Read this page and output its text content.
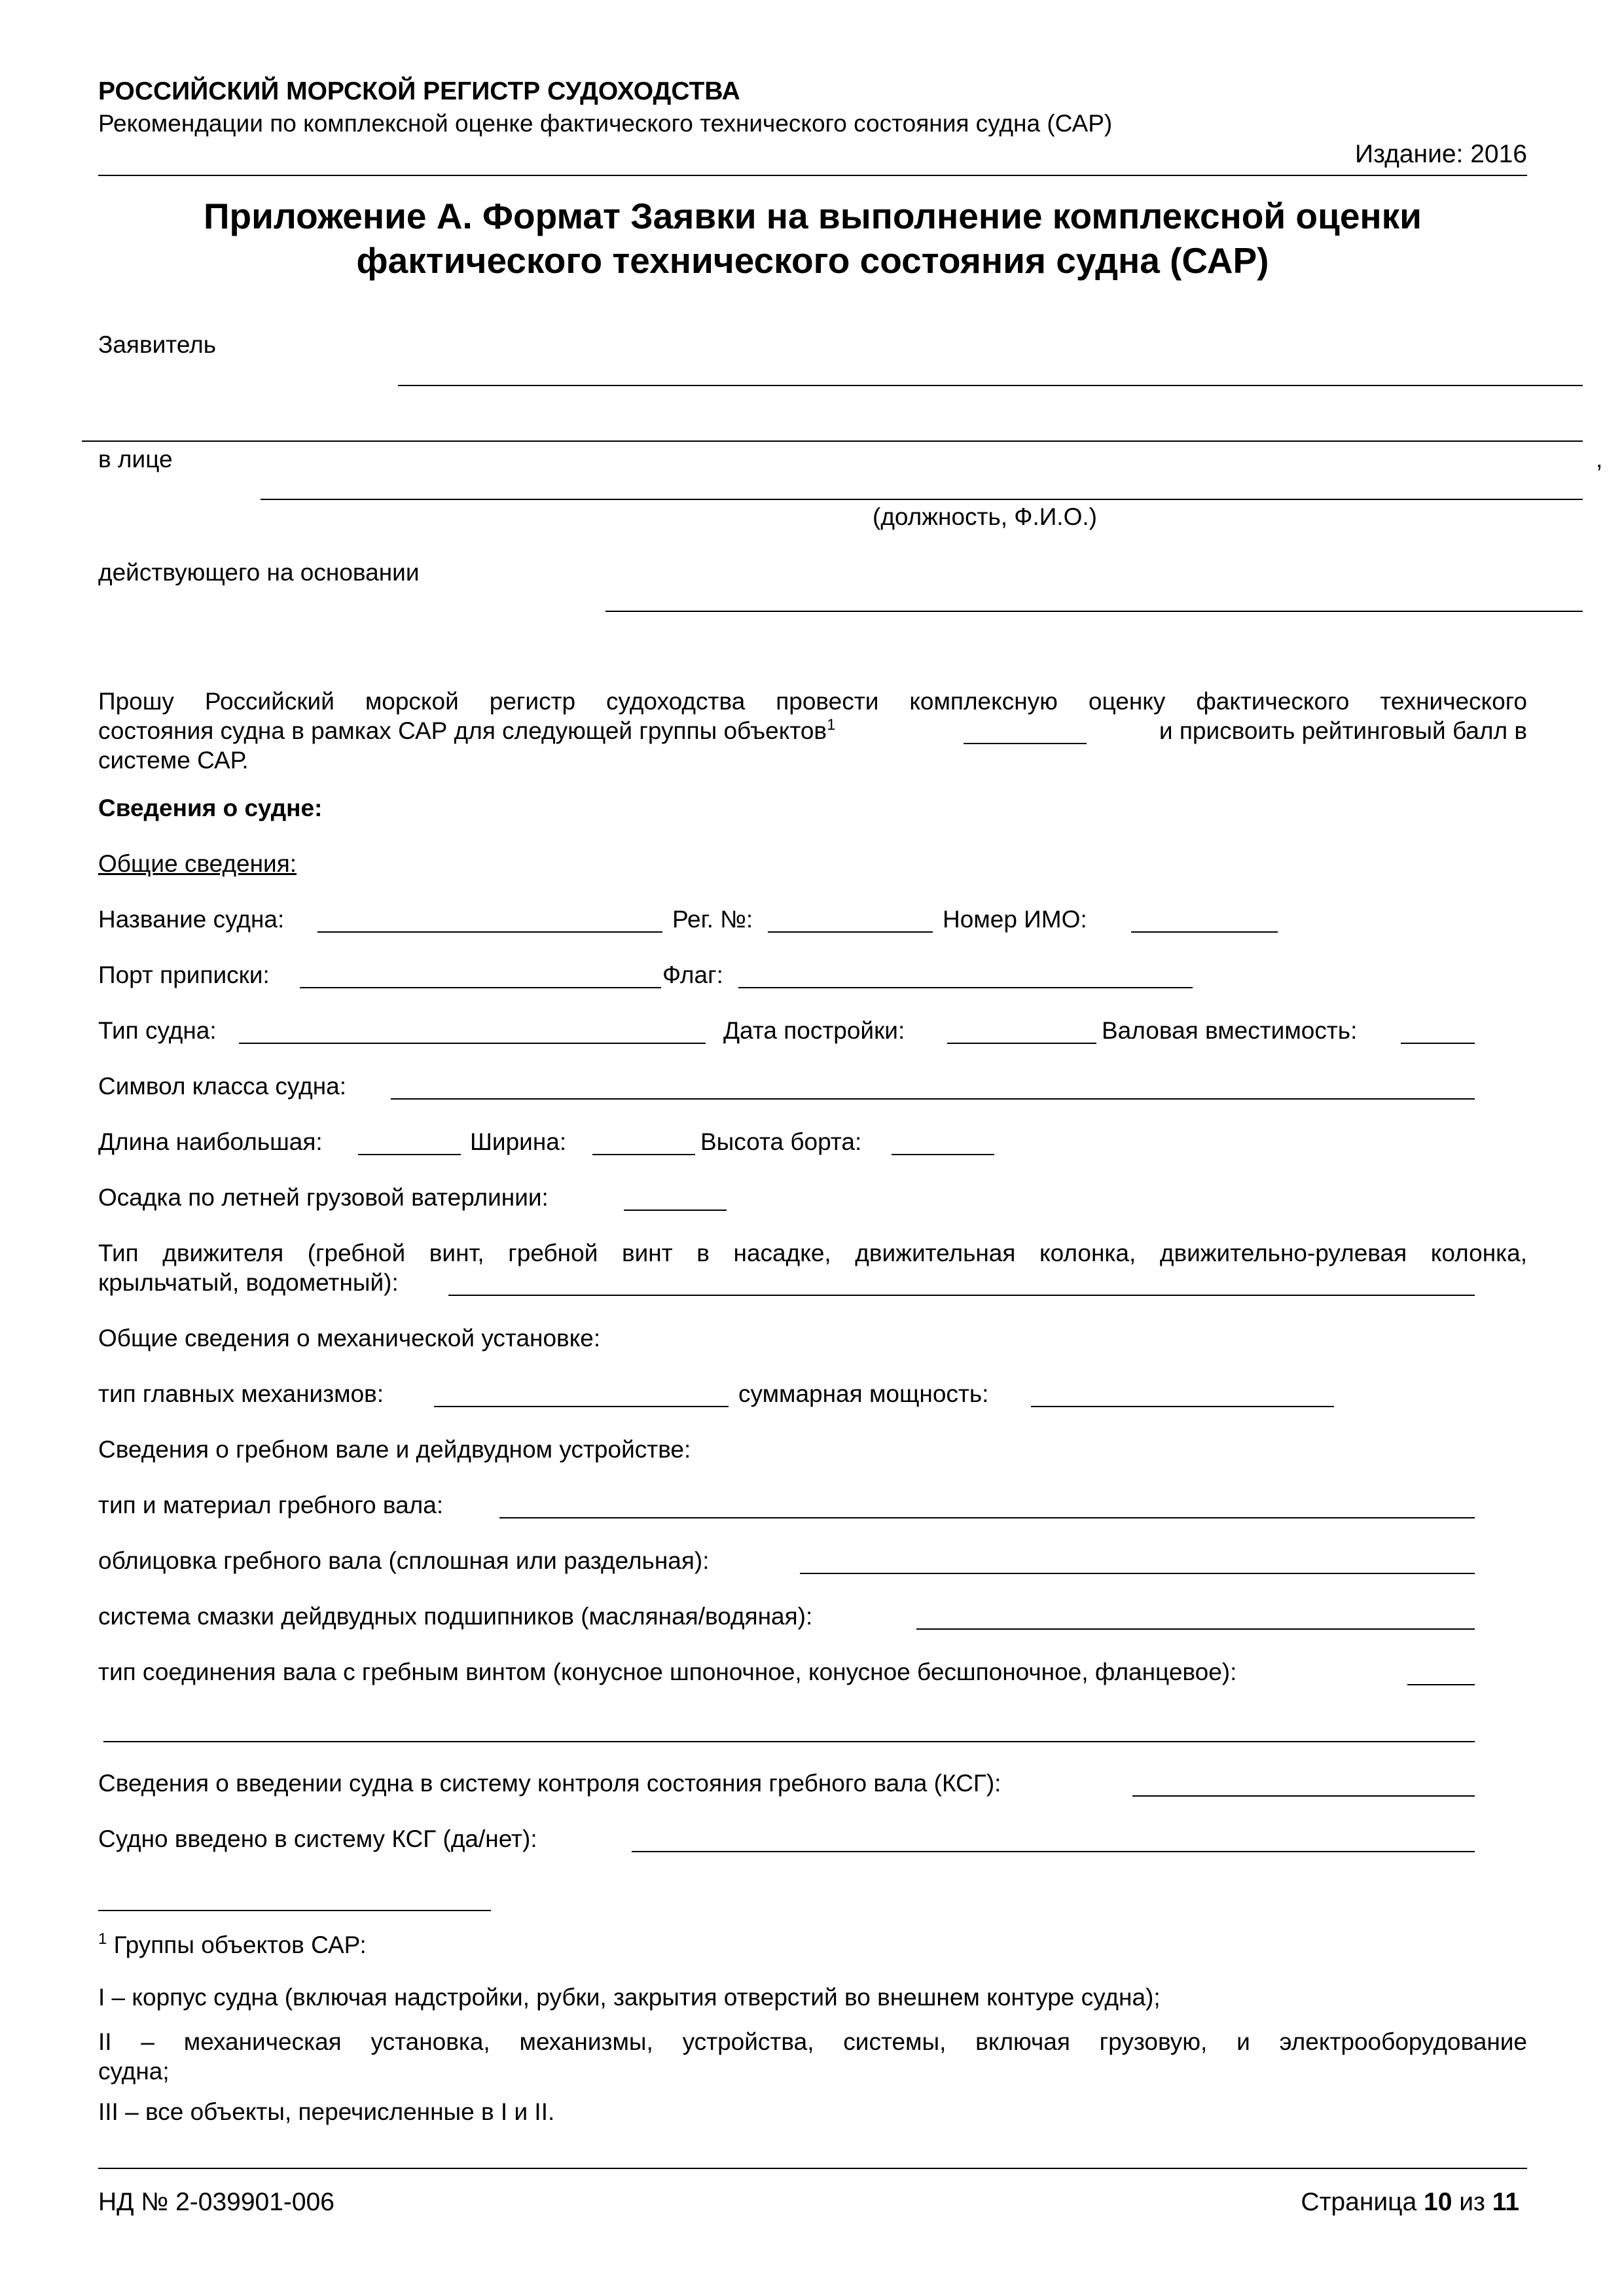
РОССИЙСКИЙ МОРСКОЙ РЕГИСТР СУДОХОДСТВА
Рекомендации по комплексной оценке фактического технического состояния судна (САР)
Издание: 2016
Приложение А. Формат Заявки на выполнение комплексной оценки
фактического технического состояния судна (САР)
Заявитель
в лице	,
(должность, Ф.И.О.)
действующего на основании
Прошу Российский морской регистр судоходства провести комплексную оценку фактического технического
состояния судна в рамках САР для следующей группы объектов$^1$	и присвоить рейтинговый балл в
системе САР.
Сведения о судне:
Общие сведения:
Название судна:	Рег. №:	Номер ИМО:
Порт приписки:	Флаг:
Тип судна:	Дата постройки:	Валовая вместимость:
Символ класса судна:
Длина наибольшая:	Ширина:	Высота борта:
Осадка по летней грузовой ватерлинии:
Тип движителя (гребной винт, гребной винт в насадке, движительная колонка, движительно-рулевая колонка,
крыльчатый, водометный):
Общие сведения о механической установке:
тип главных механизмов:	суммарная мощность:
Сведения о гребном вале и дейдвудном устройстве:
тип и материал гребного вала:
облицовка гребного вала (сплошная или раздельная):
система смазки дейдвудных подшипников (масляная/водяная):
тип соединения вала с гребным винтом (конусное шпоночное, конусное бесшпоночное, фланцевое):
Сведения о введении судна в систему контроля состояния гребного вала (КСГ):
Судно введено в систему КСГ (да/нет):
$^1$ Группы объектов САР:
I – корпус судна (включая надстройки, рубки, закрытия отверстий во внешнем контуре судна);
II – механическая установка, механизмы, устройства, системы, включая грузовую, и электрооборудование
судна;
III – все объекты, перечисленные в I и II.
НД № 2-039901-006	Страница 10 из 11
